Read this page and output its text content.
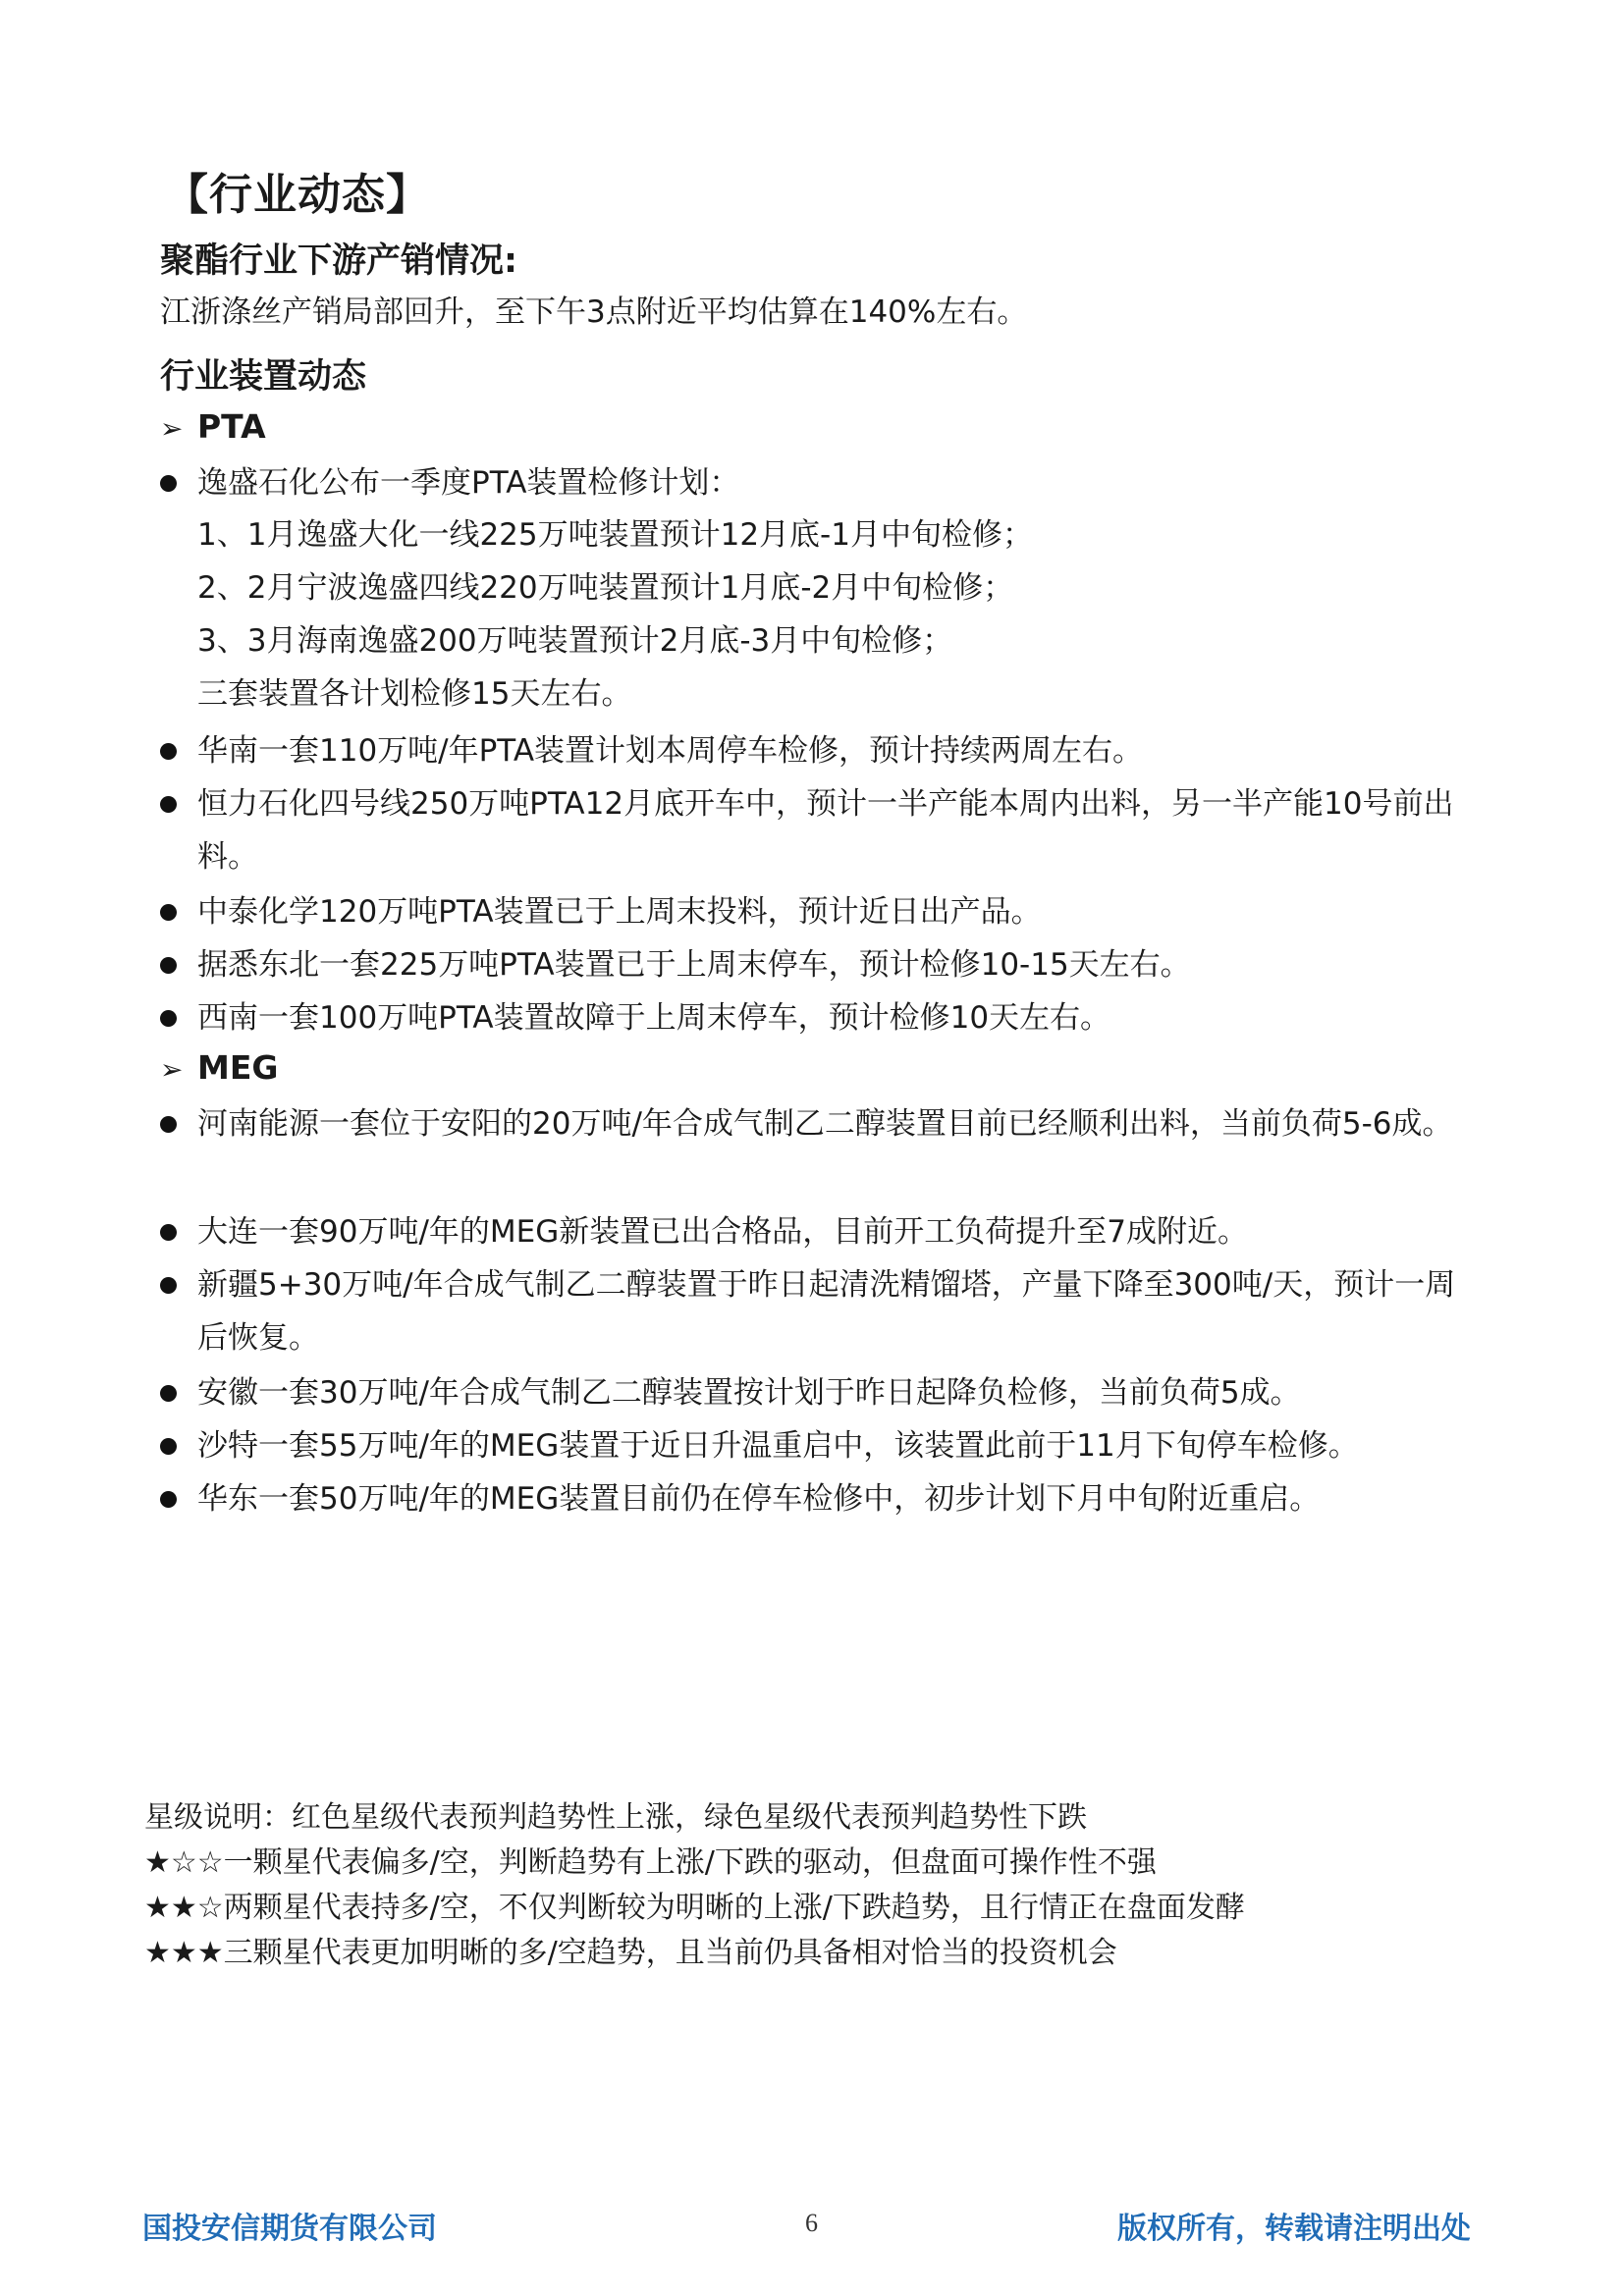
【行业动态】
聚酯行业下游产销情况:
江浙涤丝产销局部回升，至下午3点附近平均估算在140%左右。
行业装置动态
➢ PTA
逸盛石化公布一季度PTA装置检修计划：
1、1月逸盛大化一线225万吨装置预计12月底-1月中旬检修；
2、2月宁波逸盛四线220万吨装置预计1月底-2月中旬检修；
3、3月海南逸盛200万吨装置预计2月底-3月中旬检修；
三套装置各计划检修15天左右。
华南一套110万吨/年PTA装置计划本周停车检修，预计持续两周左右。
恒力石化四号线250万吨PTA12月底开车中，预计一半产能本周内出料，另一半产能10号前出料。
中泰化学120万吨PTA装置已于上周末投料，预计近日出产品。
据悉东北一套225万吨PTA装置已于上周末停车，预计检修10-15天左右。
西南一套100万吨PTA装置故障于上周末停车，预计检修10天左右。
➢ MEG
河南能源一套位于安阳的20万吨/年合成气制乙二醇装置目前已经顺利出料，当前负荷5-6成。
大连一套90万吨/年的MEG新装置已出合格品，目前开工负荷提升至7成附近。
新疆5+30万吨/年合成气制乙二醇装置于昨日起清洗精馏塔，产量下降至300吨/天，预计一周后恢复。
安徽一套30万吨/年合成气制乙二醇装置按计划于昨日起降负检修，当前负荷5成。
沙特一套55万吨/年的MEG装置于近日升温重启中，该装置此前于11月下旬停车检修。
华东一套50万吨/年的MEG装置目前仍在停车检修中，初步计划下月中旬附近重启。
星级说明：红色星级代表预判趋势性上涨，绿色星级代表预判趋势性下跌
★☆☆一颗星代表偏多/空，判断趋势有上涨/下跌的驱动，但盘面可操作性不强
★★☆两颗星代表持多/空，不仅判断较为明晰的上涨/下跌趋势，且行情正在盘面发酵
★★★三颗星代表更加明晰的多/空趋势，且当前仍具备相对恰当的投资机会
国投安信期货有限公司	6	版权所有，转载请注明出处
